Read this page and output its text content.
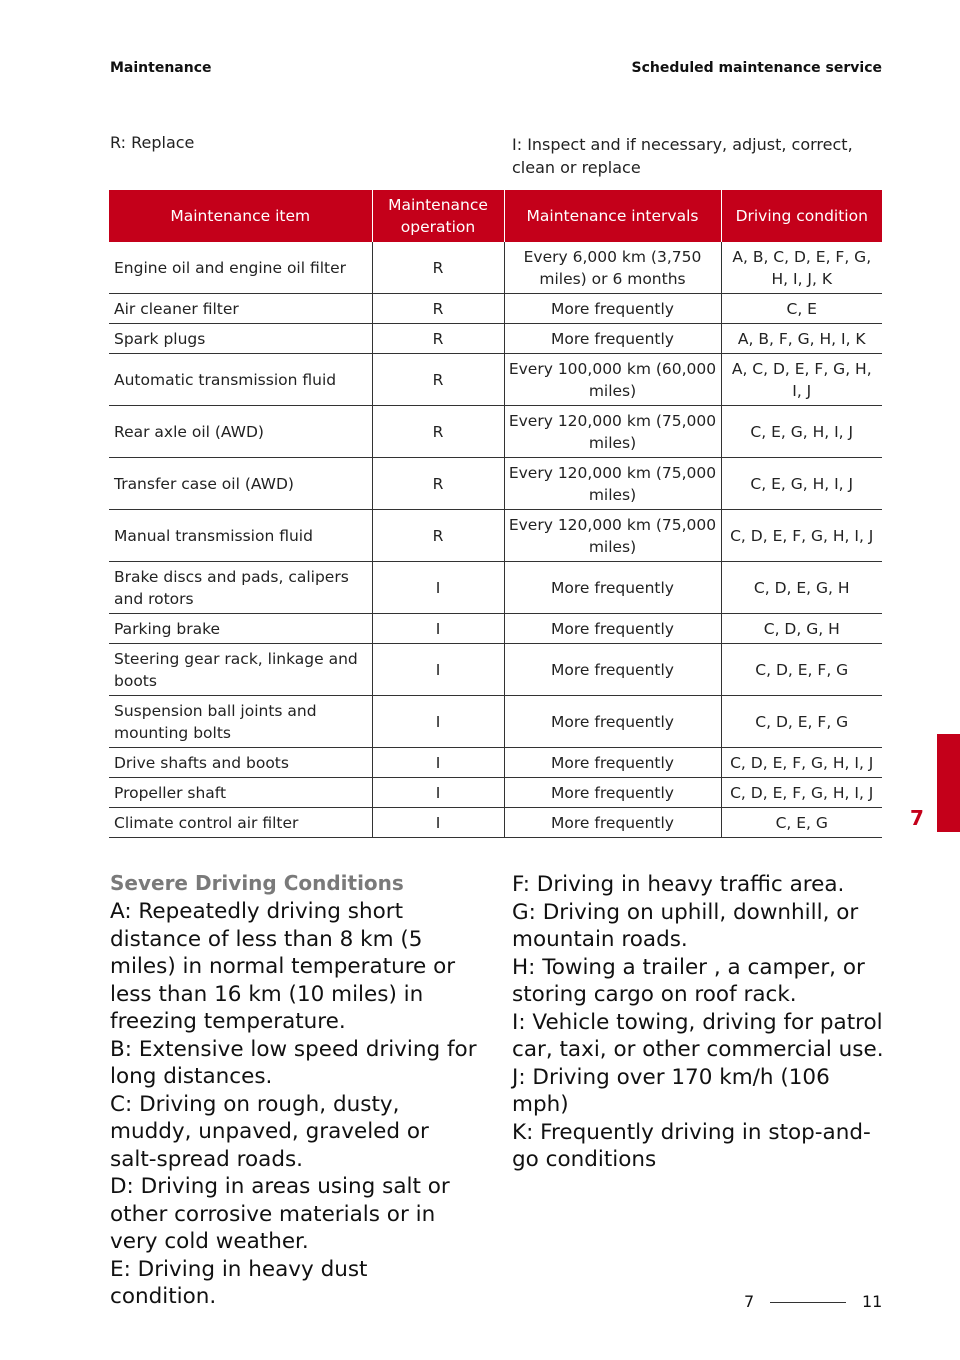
Maintenance	Scheduled maintenance service
R: Replace	I: Inspect and if necessary, adjust, correct, clean or replace
Maintenance item	Maintenance operation	Maintenance intervals	Driving condition
Engine oil and engine oil filter	R	Every 6,000 km (3,750 miles) or 6 months	A, B, C, D, E, F, G, H, I, J, K
Air cleaner filter	R	More frequently	C, E
Spark plugs	R	More frequently	A, B, F, G, H, I, K
Automatic transmission fluid	R	Every 100,000 km (60,000 miles)	A, C, D, E, F, G, H, I, J
Rear axle oil (AWD)	R	Every 120,000 km (75,000 miles)	C, E, G, H, I, J
Transfer case oil (AWD)	R	Every 120,000 km (75,000 miles)	C, E, G, H, I, J
Manual transmission fluid	R	Every 120,000 km (75,000 miles)	C, D, E, F, G, H, I, J
Brake discs and pads, calipers and rotors	I	More frequently	C, D, E, G, H
Parking brake	I	More frequently	C, D, G, H
Steering gear rack, linkage and boots	I	More frequently	C, D, E, F, G
Suspension ball joints and mounting bolts	I	More frequently	C, D, E, F, G
Drive shafts and boots	I	More frequently	C, D, E, F, G, H, I, J
Propeller shaft	I	More frequently	C, D, E, F, G, H, I, J
Climate control air filter	I	More frequently	C, E, G
Severe Driving Conditions
A: Repeatedly driving short distance of less than 8 km (5 miles) in normal temperature or less than 16 km (10 miles) in freezing temperature.
B: Extensive low speed driving for long distances.
C: Driving on rough, dusty, muddy, unpaved, graveled or salt-spread roads.
D: Driving in areas using salt or other corrosive materials or in very cold weather.
E: Driving in heavy dust condition.
F: Driving in heavy traffic area.
G: Driving on uphill, downhill, or mountain roads.
H: Towing a trailer , a camper, or storing cargo on roof rack.
I: Vehicle towing, driving for patrol car, taxi, or other commercial use.
J: Driving over 170 km/h (106 mph)
K: Frequently driving in stop-and-go conditions
7
7	11
